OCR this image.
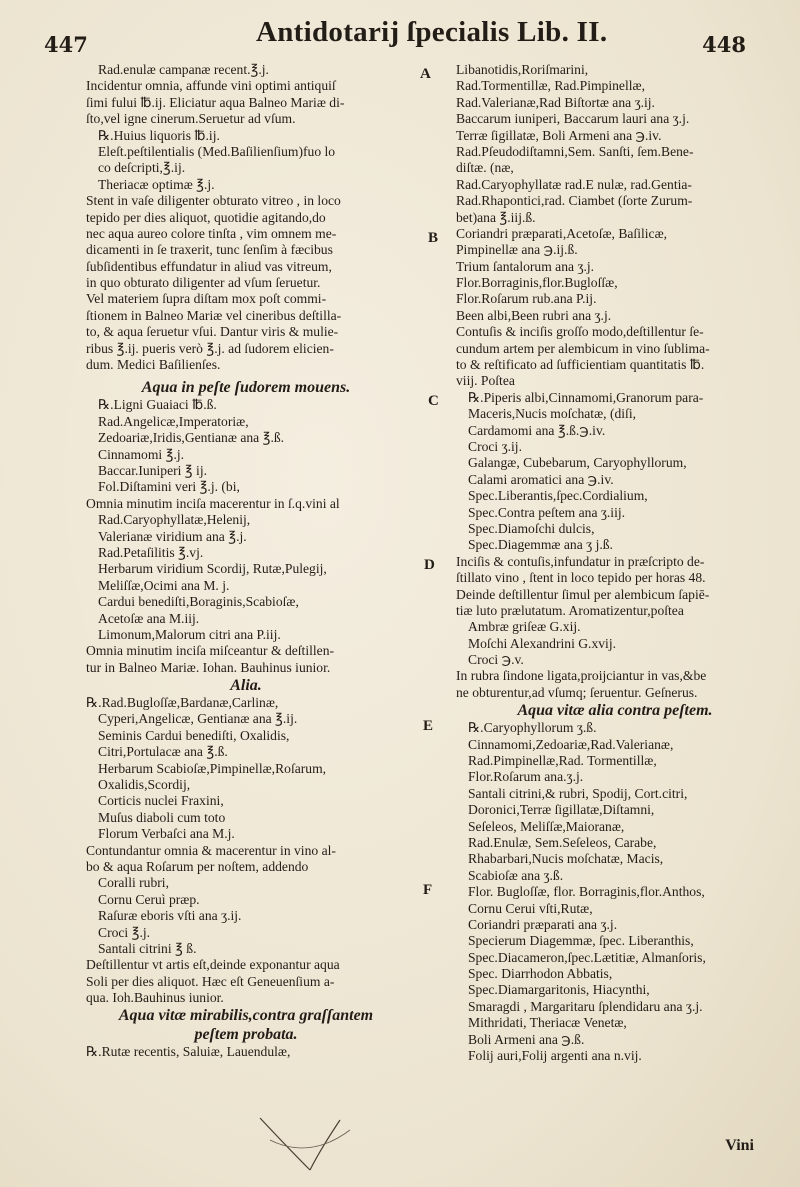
447	Antidotarij ſpecialis Lib. II.	448
A
B
C
D
E
F
Rad.enulæ campanæ recent.℥.j.
Incidentur omnia, affunde vini optimi antiquiſ
ſimi fului ℔.ij. Eliciatur aqua Balneo Mariæ di-
ſto,vel igne cinerum.Seruetur ad vſum.
℞.Huius liquoris ℔.ij.
Eleſt.peſtilentialis (Med.Baſilienſium)fuo lo
co deſcripti,℥.ij.
Theriacæ optimæ ℥.j.
Stent in vaſe diligenter obturato vitreo , in loco
tepido per dies aliquot, quotidie agitando,do
nec aqua aureo colore tinſta , vim omnem me-
dicamenti in ſe traxerit, tunc ſenſim à fæcibus
ſubſidentibus effundatur in aliud vas vitreum,
in quo obturato diligenter ad vſum ſeruetur.
Vel materiem ſupra diſtam mox poſt commi-
ſtionem in Balneo Mariæ vel cineribus deſtilla-
to, & aqua ſeruetur vſui. Dantur viris & mulie-
ribus ℥.ij. pueris verò ℥.j. ad ſudorem elicien-
dum. Medici Baſilienſes.
Aqua in peſte ſudorem mouens.
℞.Ligni Guaiaci ℔.ß.
Rad.Angelicæ,Imperatoriæ,
Zedoariæ,Iridis,Gentianæ ana ℥.ß.
Cinnamomi ℥.j.
Baccar.Iuniperi ℥ ij.
Fol.Diſtamini veri ℥.j. (bi,
Omnia minutim inciſa macerentur in ſ.q.vini al
Rad.Caryophyllatæ,Helenij,
Valerianæ viridium ana ℥.j.
Rad.Petaſilitis ℥.vj.
Herbarum viridium Scordij, Rutæ,Pulegij,
Meliſſæ,Ocimi ana M. j.
Cardui benediſti,Boraginis,Scabioſæ,
Acetoſæ ana M.iij.
Limonum,Malorum citri ana P.iij.
Omnia minutim inciſa miſceantur & deſtillen-
tur in Balneo Mariæ. Iohan. Bauhinus iunior.
Alia.
℞.Rad.Bugloſſæ,Bardanæ,Carlinæ,
Cyperi,Angelicæ, Gentianæ ana ℥.ij.
Seminis Cardui benediſti, Oxalidis,
Citri,Portulacæ ana ℥.ß.
Herbarum Scabioſæ,Pimpinellæ,Roſarum,
Oxalidis,Scordij,
Corticis nuclei Fraxini,
Muſus diaboli cum toto
Florum Verbaſci ana M.j.
Contundantur omnia & macerentur in vino al-
bo & aqua Roſarum per noſtem, addendo
Coralli rubri,
Cornu Ceruì præp.
Raſuræ eboris vſti ana ʒ.ij.
Croci ℥.j.
Santali citrini ℥ ß.
Deſtillentur vt artis eſt,deinde exponantur aqua
Soli per dies aliquot. Hæc eſt Geneuenſium a-
qua. Ioh.Bauhinus iunior.
Aqua vitæ mirabilis,contra graſſantem
peſtem probata.
℞.Rutæ recentis, Saluiæ, Lauendulæ,
Libanotidis,Roriſmarini,
Rad.Tormentillæ, Rad.Pimpinellæ,
Rad.Valerianæ,Rad Biſtortæ ana ʒ.ij.
Baccarum iuniperi, Baccarum lauri ana ʒ.j.
Terræ ſigillatæ, Boli Armeni ana ℈.iv.
Rad.Pſeudodiſtamni,Sem. Sanſti, ſem.Bene-
diſtæ. (næ,
Rad.Caryophyllatæ rad.E nulæ, rad.Gentia-
Rad.Rhapontici,rad. Ciambet (ſorte Zurum-
bet)ana ℥.iij.ß.
Coriandri præparati,Acetoſæ, Baſilicæ,
Pimpinellæ ana ℈.ij.ß.
Trium ſantalorum ana ʒ.j.
Flor.Borraginis,flor.Bugloſſæ,
Flor.Roſarum rub.ana P.ij.
Been albi,Been rubri ana ʒ.j.
Contuſis & inciſis groſſo modo,deſtillentur ſe-
cundum artem per alembicum in vino ſublima-
to & reſtificato ad ſufficientiam quantitatis ℔.
viij. Poſtea
℞.Piperis albi,Cinnamomi,Granorum para-
Maceris,Nucis moſchatæ, (diſi,
Cardamomi ana ℥.ß.℈.iv.
Croci ʒ.ij.
Galangæ, Cubebarum, Caryophyllorum,
Calami aromatici ana ℈.iv.
Spec.Liberantis,ſpec.Cordialium,
Spec.Contra peſtem ana ʒ.iij.
Spec.Diamoſchi dulcis,
Spec.Diagemmæ ana ʒ j.ß.
Inciſis & contuſis,infundatur in præſcripto de-
ſtillato vino , ſtent in loco tepido per horas 48.
Deinde deſtillentur ſimul per alembicum ſapiē-
tiæ luto prælutatum. Aromatizentur,poſtea
Ambræ griſeæ G.xij.
Moſchi Alexandrini G.xvij.
Croci ℈.v.
In rubra ſindone ligata,proijciantur in vas,&be
ne obturentur,ad vſumq; ſeruentur. Geſnerus.
Aqua vitæ alia contra peſtem.
℞.Caryophyllorum ʒ.ß.
Cinnamomi,Zedoariæ,Rad.Valerianæ,
Rad.Pimpinellæ,Rad. Tormentillæ,
Flor.Roſarum ana.ʒ.j.
Santali citrini,& rubri, Spodij, Cort.citri,
Doronici,Terræ ſigillatæ,Diſtamni,
Seſeleos, Meliſſæ,Maioranæ,
Rad.Enulæ, Sem.Seſeleos, Carabe,
Rhabarbari,Nucis moſchatæ, Macis,
Scabioſæ ana ʒ.ß.
Flor. Bugloſſæ, flor. Borraginis,flor.Anthos,
Cornu Cerui vſti,Rutæ,
Coriandri præparati ana ʒ.j.
Specierum Diagemmæ, ſpec. Liberanthis,
Spec.Diacameron,ſpec.Lætitiæ, Almanſoris,
Spec. Diarrhodon Abbatis,
Spec.Diamargaritonis, Hiacynthi,
Smaragdi , Margaritaru ſplendidaru ana ʒ.j.
Mithridati, Theriacæ Venetæ,
Boli Armeni ana ℈.ß.
Folij auri,Folij argenti ana n.vij.
Vini
